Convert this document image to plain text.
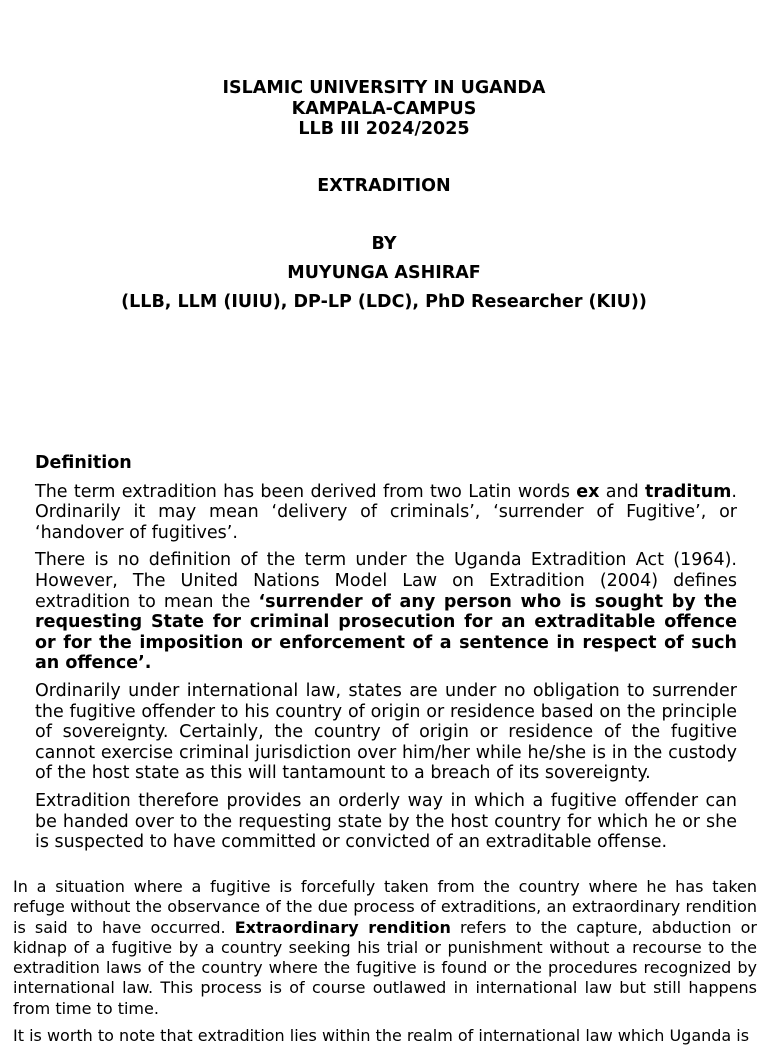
ISLAMIC UNIVERSITY IN UGANDA
KAMPALA-CAMPUS
LLB III 2024/2025
EXTRADITION
BY
MUYUNGA ASHIRAF
(LLB, LLM (IUIU), DP-LP (LDC), PhD Researcher (KIU))
Definition

The term extradition has been derived from two Latin words ex and traditum. Ordinarily it may mean ‘delivery of criminals’, ‘surrender of Fugitive’, or ‘handover of fugitives’.

There is no definition of the term under the Uganda Extradition Act (1964). However, The United Nations Model Law on Extradition (2004) defines extradition to mean the ‘surrender of any person who is sought by the requesting State for criminal prosecution for an extraditable offence or for the imposition or enforcement of a sentence in respect of such an offence’.

Ordinarily under international law, states are under no obligation to surrender the fugitive offender to his country of origin or residence based on the principle of sovereignty. Certainly, the country of origin or residence of the fugitive cannot exercise criminal jurisdiction over him/her while he/she is in the custody of the host state as this will tantamount to a breach of its sovereignty.

Extradition therefore provides an orderly way in which a fugitive offender can be handed over to the requesting state by the host country for which he or she is suspected to have committed or convicted of an extraditable offense.

In a situation where a fugitive is forcefully taken from the country where he has taken refuge without the observance of the due process of extraditions, an extraordinary rendition is said to have occurred. Extraordinary rendition refers to the capture, abduction or kidnap of a fugitive by a country seeking his trial or punishment without a recourse to the extradition laws of the country where the fugitive is found or the procedures recognized by international law. This process is of course outlawed in international law but still happens from time to time.

It is worth to note that extradition lies within the realm of international law which Uganda is
